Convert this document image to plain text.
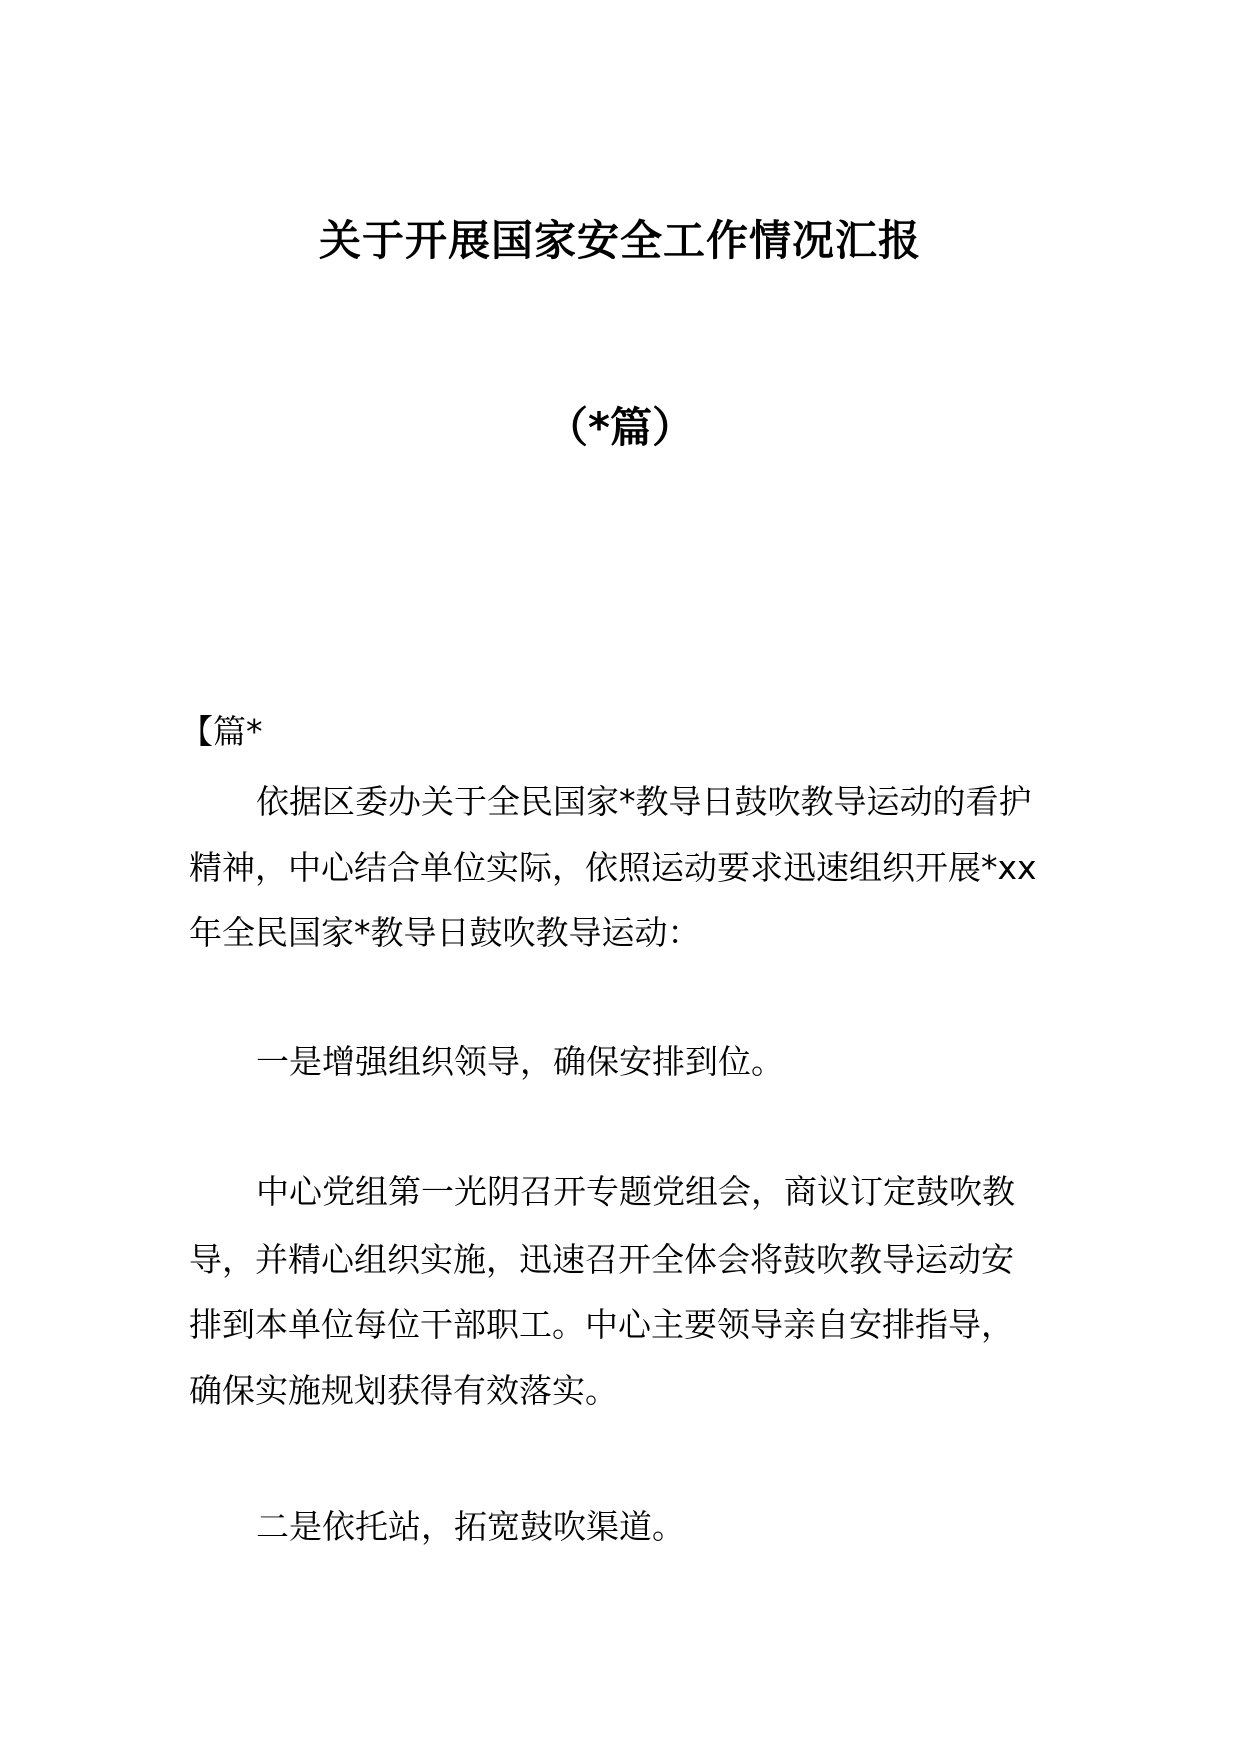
关于开展国家安全工作情况汇报
（*篇）
【篇*
依据区委办关于全民国家*教导日鼓吹教导运动的看护
精神，中心结合单位实际，依照运动要求迅速组织开展*xx
年全民国家*教导日鼓吹教导运动：
一是增强组织领导，确保安排到位。
中心党组第一光阴召开专题党组会，商议订定鼓吹教
导，并精心组织实施，迅速召开全体会将鼓吹教导运动安
排到本单位每位干部职工。中心主要领导亲自安排指导，
确保实施规划获得有效落实。
二是依托站，拓宽鼓吹渠道。
